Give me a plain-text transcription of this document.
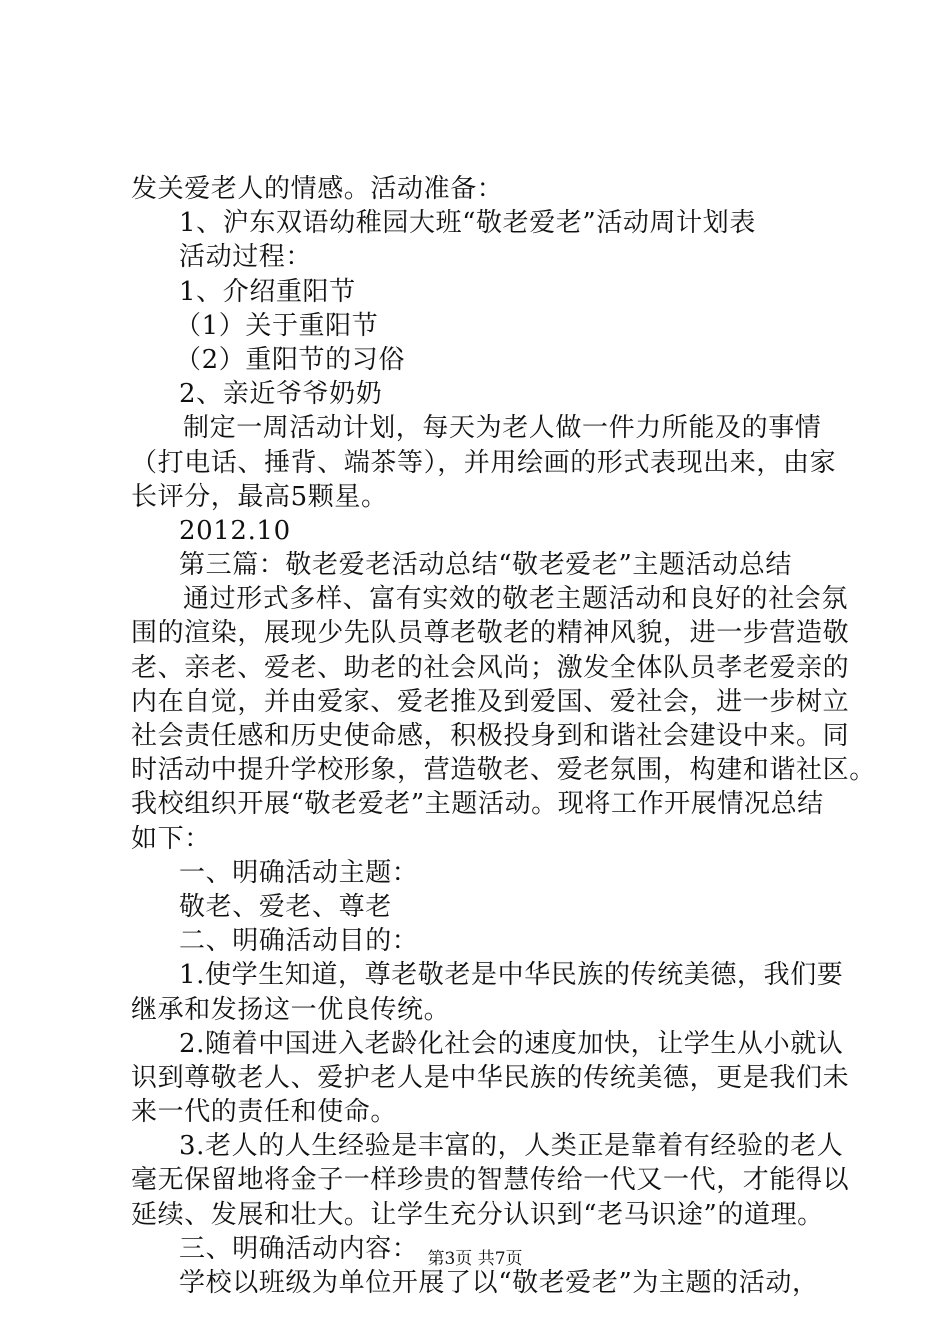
发关爱老人的情感。活动准备：
1、沪东双语幼稚园大班“敬老爱老”活动周计划表
活动过程：
1、介绍重阳节
（1）关于重阳节
（2）重阳节的习俗
2、亲近爷爷奶奶
制定一周活动计划，每天为老人做一件力所能及的事情
（打电话、捶背、端茶等），并用绘画的形式表现出来，由家
长评分，最高5颗星。
2012.10
第三篇：敬老爱老活动总结“敬老爱老”主题活动总结
通过形式多样、富有实效的敬老主题活动和良好的社会氛
围的渲染，展现少先队员尊老敬老的精神风貌，进一步营造敬
老、亲老、爱老、助老的社会风尚；激发全体队员孝老爱亲的
内在自觉，并由爱家、爱老推及到爱国、爱社会，进一步树立
社会责任感和历史使命感，积极投身到和谐社会建设中来。同
时活动中提升学校形象，营造敬老、爱老氛围，构建和谐社区。
我校组织开展“敬老爱老”主题活动。现将工作开展情况总结
如下：
一、明确活动主题：
敬老、爱老、尊老
二、明确活动目的：
1.使学生知道，尊老敬老是中华民族的传统美德，我们要
继承和发扬这一优良传统。
2.随着中国进入老龄化社会的速度加快，让学生从小就认
识到尊敬老人、爱护老人是中华民族的传统美德，更是我们未
来一代的责任和使命。
3.老人的人生经验是丰富的，人类正是靠着有经验的老人
毫无保留地将金子一样珍贵的智慧传给一代又一代，才能得以
延续、发展和壮大。让学生充分认识到“老马识途”的道理。
三、明确活动内容：
学校以班级为单位开展了以“敬老爱老”为主题的活动，
第3页 共7页
